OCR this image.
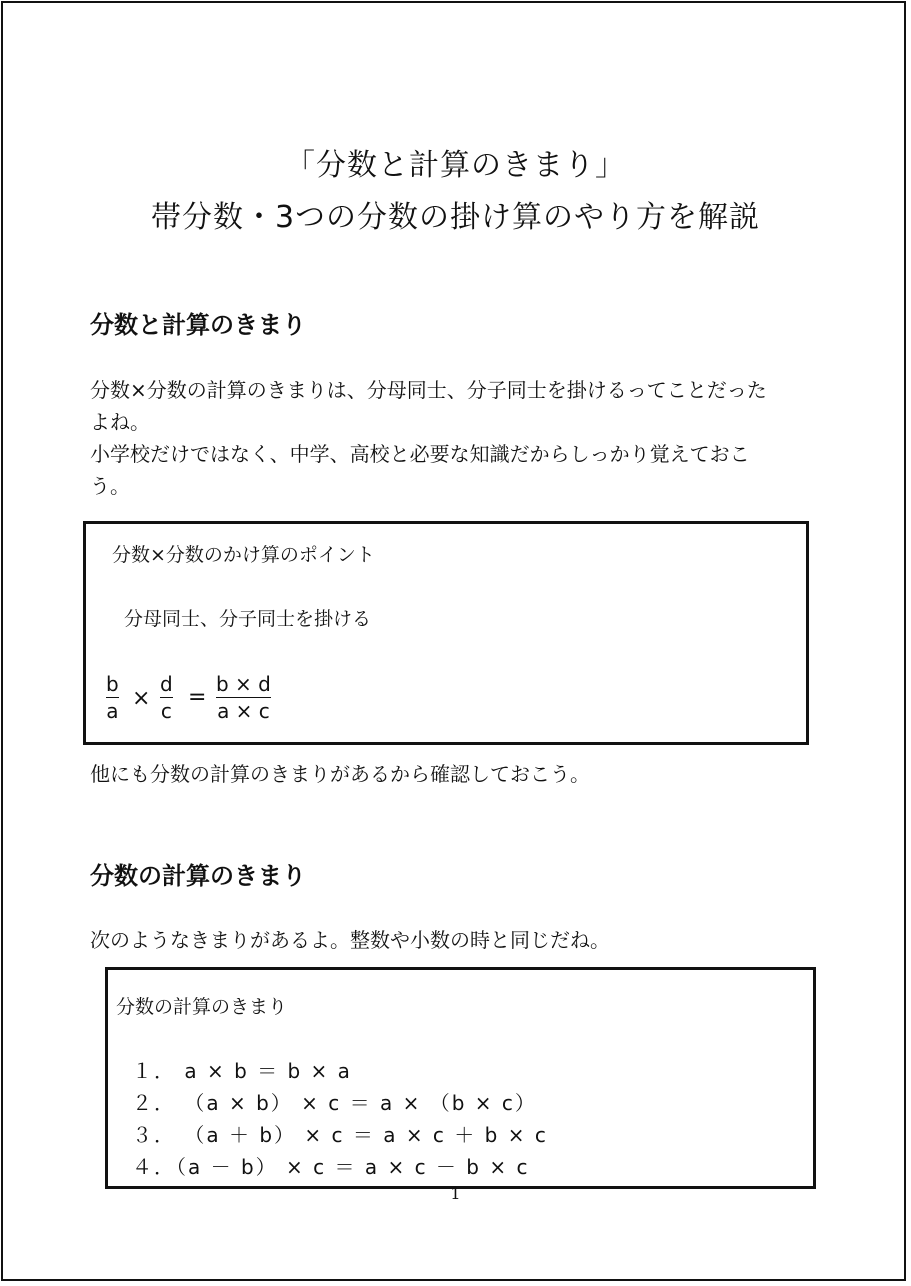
「分数と計算のきまり」
帯分数・3つの分数の掛け算のやり方を解説
分数と計算のきまり
分数×分数の計算のきまりは、分母同士、分子同士を掛けるってことだった
よね。
小学校だけではなく、中学、高校と必要な知識だからしっかり覚えておこ
う。
分数×分数のかけ算のポイント
分母同士、分子同士を掛ける
b
a ×
d
c
=
b × d
a × c
他にも分数の計算のきまりがあるから確認しておこう。
分数の計算のきまり
次のようなきまりがあるよ。整数や小数の時と同じだね。
分数の計算のきまり
１． a × b ＝ b × a
２． （a × b） × c ＝ a × （b × c）
３． （a ＋ b） × c ＝ a × c ＋ b × c
４．（a － b） × c ＝ a × c － b × c
1
